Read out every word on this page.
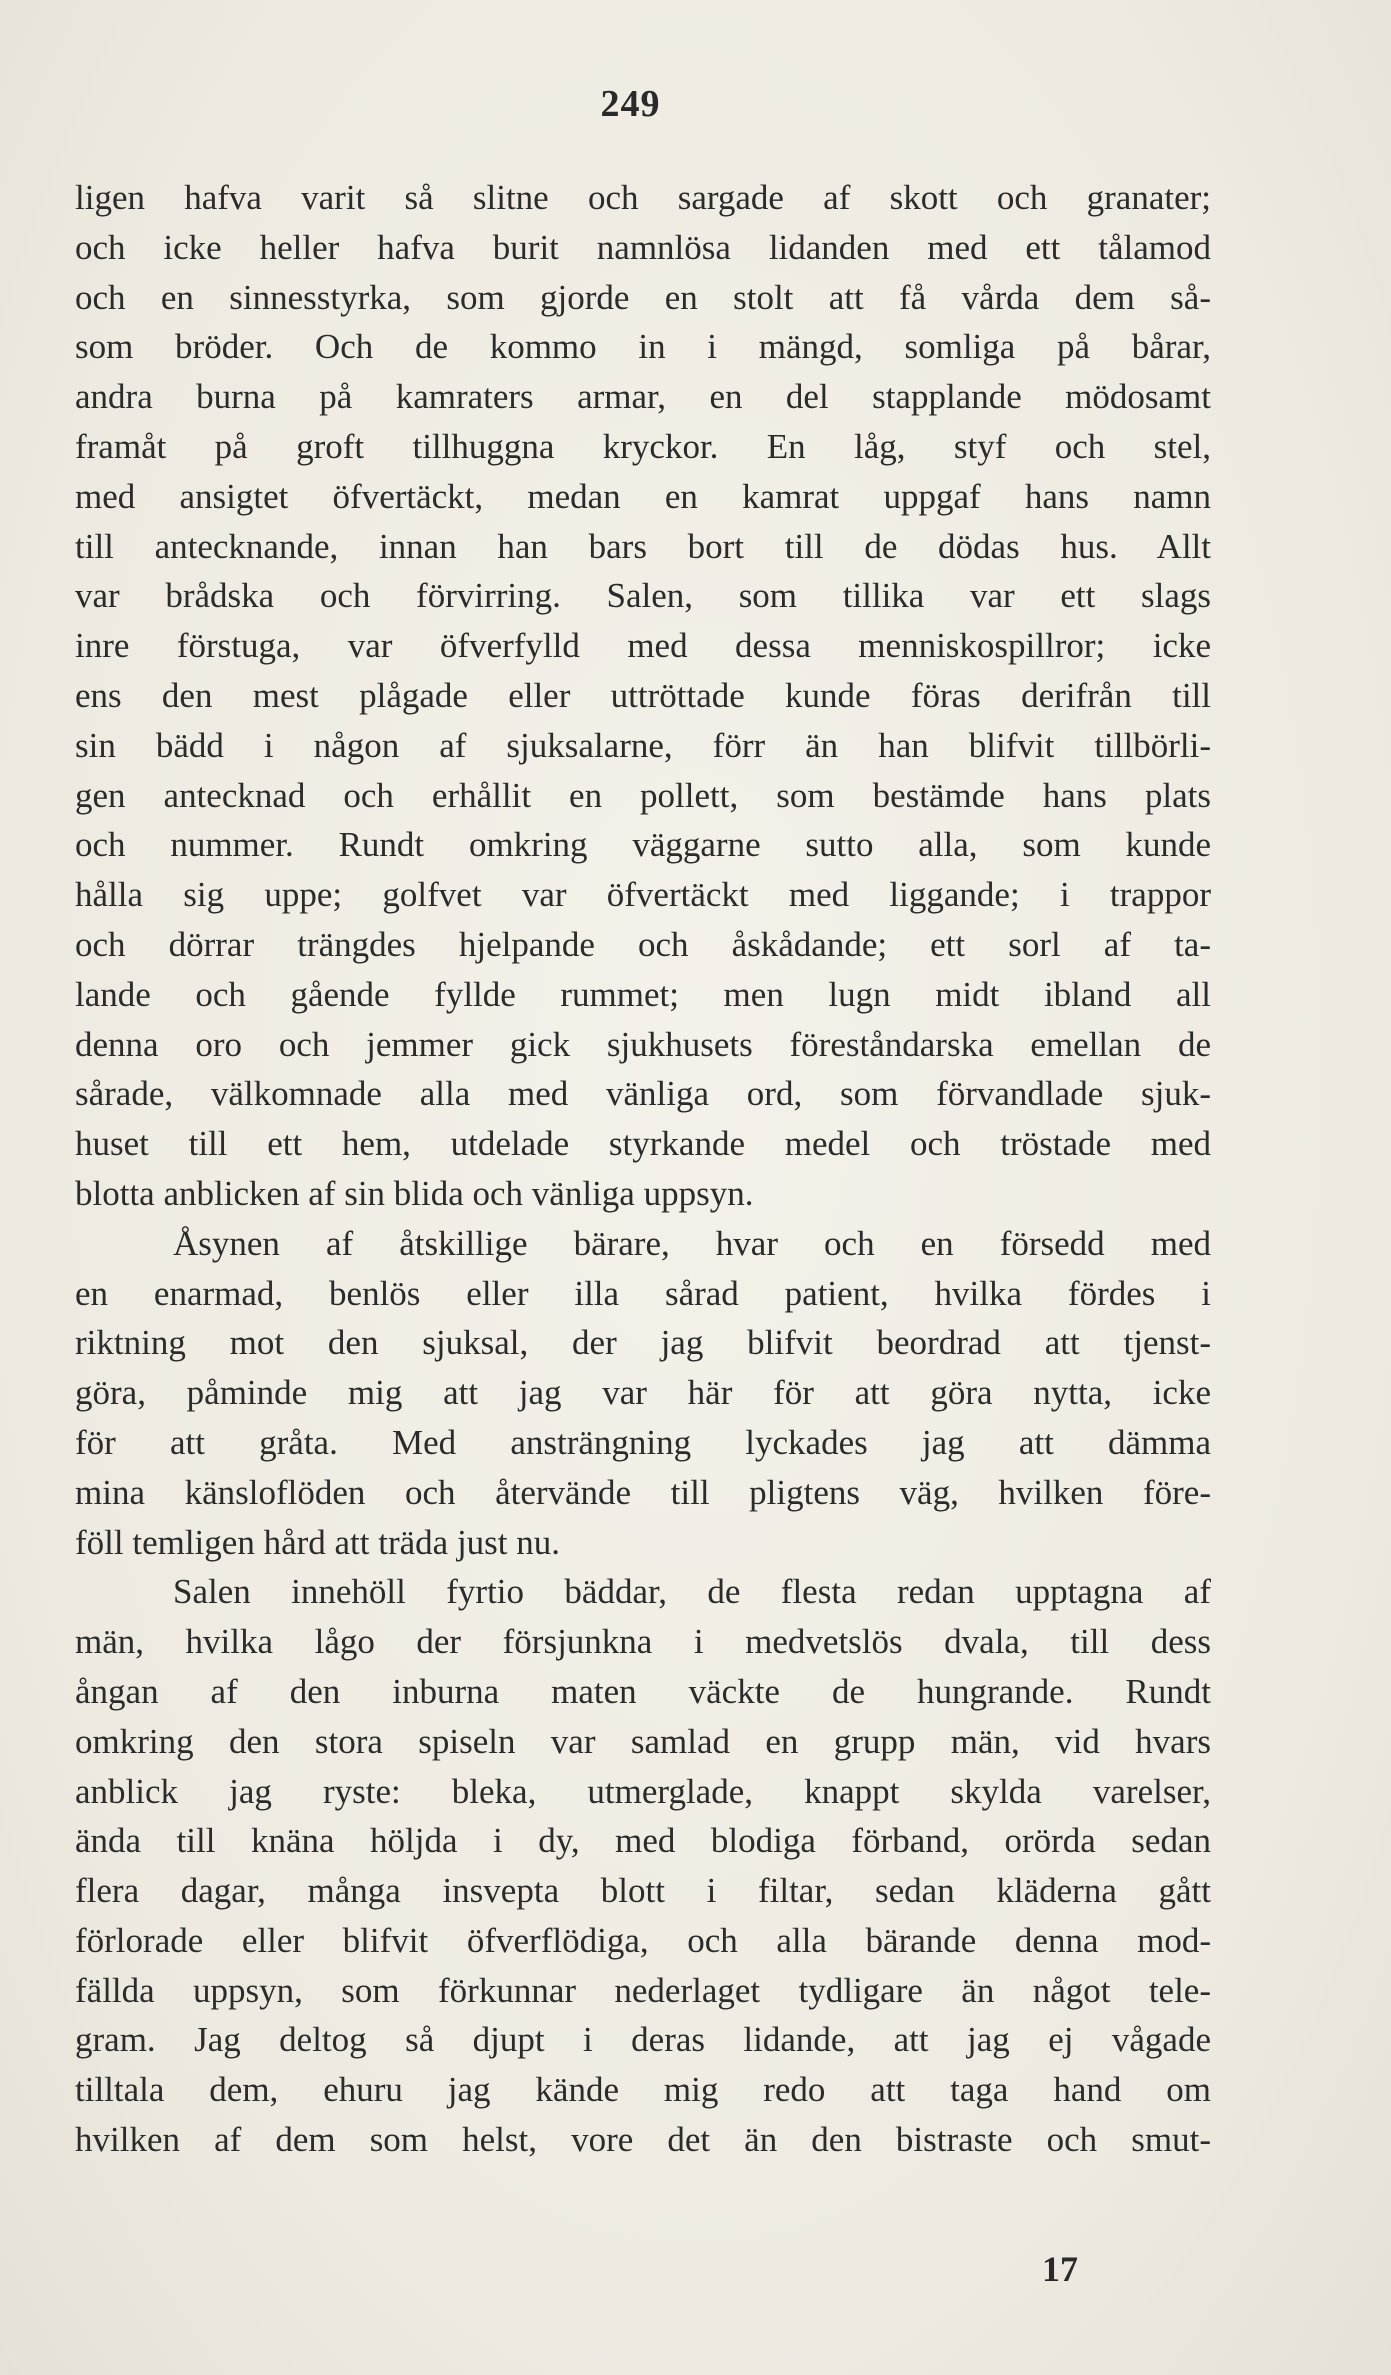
249
ligen hafva varit så slitne och sargade af skott och granater;
och icke heller hafva burit namnlösa lidanden med ett tålamod
och en sinnesstyrka, som gjorde en stolt att få vårda dem så-
som bröder. Och de kommo in i mängd, somliga på bårar,
andra burna på kamraters armar, en del stapplande mödosamt
framåt på groft tillhuggna kryckor. En låg, styf och stel,
med ansigtet öfvertäckt, medan en kamrat uppgaf hans namn
till antecknande, innan han bars bort till de dödas hus. Allt
var brådska och förvirring. Salen, som tillika var ett slags
inre förstuga, var öfverfylld med dessa menniskospillror; icke
ens den mest plågade eller uttröttade kunde föras derifrån till
sin bädd i någon af sjuksalarne, förr än han blifvit tillbörli-
gen antecknad och erhållit en pollett, som bestämde hans plats
och nummer. Rundt omkring väggarne sutto alla, som kunde
hålla sig uppe; golfvet var öfvertäckt med liggande; i trappor
och dörrar trängdes hjelpande och åskådande; ett sorl af ta-
lande och gående fyllde rummet; men lugn midt ibland all
denna oro och jemmer gick sjukhusets föreståndarska emellan de
sårade, välkomnade alla med vänliga ord, som förvandlade sjuk-
huset till ett hem, utdelade styrkande medel och tröstade med
blotta anblicken af sin blida och vänliga uppsyn.
Åsynen af åtskillige bärare, hvar och en försedd med
en enarmad, benlös eller illa sårad patient, hvilka fördes i
riktning mot den sjuksal, der jag blifvit beordrad att tjenst-
göra, påminde mig att jag var här för att göra nytta, icke
för att gråta. Med ansträngning lyckades jag att dämma
mina känsloflöden och återvände till pligtens väg, hvilken före-
föll temligen hård att träda just nu.
Salen innehöll fyrtio bäddar, de flesta redan upptagna af
män, hvilka lågo der försjunkna i medvetslös dvala, till dess
ångan af den inburna maten väckte de hungrande. Rundt
omkring den stora spiseln var samlad en grupp män, vid hvars
anblick jag ryste: bleka, utmerglade, knappt skylda varelser,
ända till knäna höljda i dy, med blodiga förband, orörda sedan
flera dagar, många insvepta blott i filtar, sedan kläderna gått
förlorade eller blifvit öfverflödiga, och alla bärande denna mod-
fällda uppsyn, som förkunnar nederlaget tydligare än något tele-
gram. Jag deltog så djupt i deras lidande, att jag ej vågade
tilltala dem, ehuru jag kände mig redo att taga hand om
hvilken af dem som helst, vore det än den bistraste och smut-
17
